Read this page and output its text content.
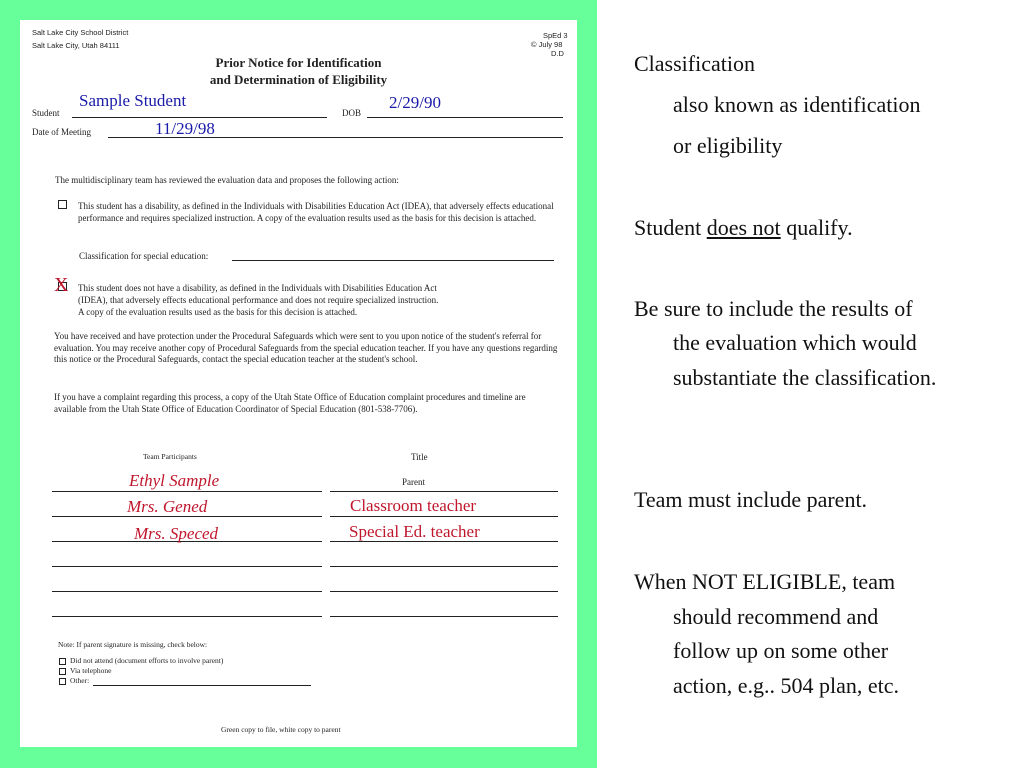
Salt Lake City School District
Salt Lake City, Utah 84111
SpEd 3
© July 98
D.D
Prior Notice for Identification
and Determination of Eligibility
Student
Sample Student
DOB
2/29/90
Date of Meeting	11/29/98
The multidisciplinary team has reviewed the evaluation data and proposes the following action:
This student has a disability, as defined in the Individuals with Disabilities Education Act (IDEA), that adversely effects educational performance and requires specialized instruction. A copy of the evaluation results used as the basis for this decision is attached.
Classification for special education:
X This student does not have a disability, as defined in the Individuals with Disabilities Education Act
(IDEA), that adversely effects educational performance and does not require specialized instruction.
A copy of the evaluation results used as the basis for this decision is attached.
You have received and have protection under the Procedural Safeguards which were sent to you upon notice of the student's referral for evaluation. You may receive another copy of Procedural Safeguards from the special education teacher. If you have any questions regarding this notice or the Procedural Safeguards, contact the special education teacher at the student's school.
If you have a complaint regarding this process, a copy of the Utah State Office of Education complaint procedures and timeline are available from the Utah State Office of Education Coordinator of Special Education (801-538-7706).
Team Participants	Title
Ethyl Sample	Parent
Mrs. Gened	Classroom teacher
Mrs. Speced	Special Ed. teacher
Note: If parent signature is missing, check below:
Did not attend (document efforts to involve parent)
Via telephone
Other:
Green copy to file, white copy to parent
Classification
also known as identification
or eligibility
Student does not qualify.
Be sure to include the results of
the evaluation which would
substantiate the classification.
Team must include parent.
When NOT ELIGIBLE, team
should recommend and
follow up on some other
action, e.g.. 504 plan, etc.
